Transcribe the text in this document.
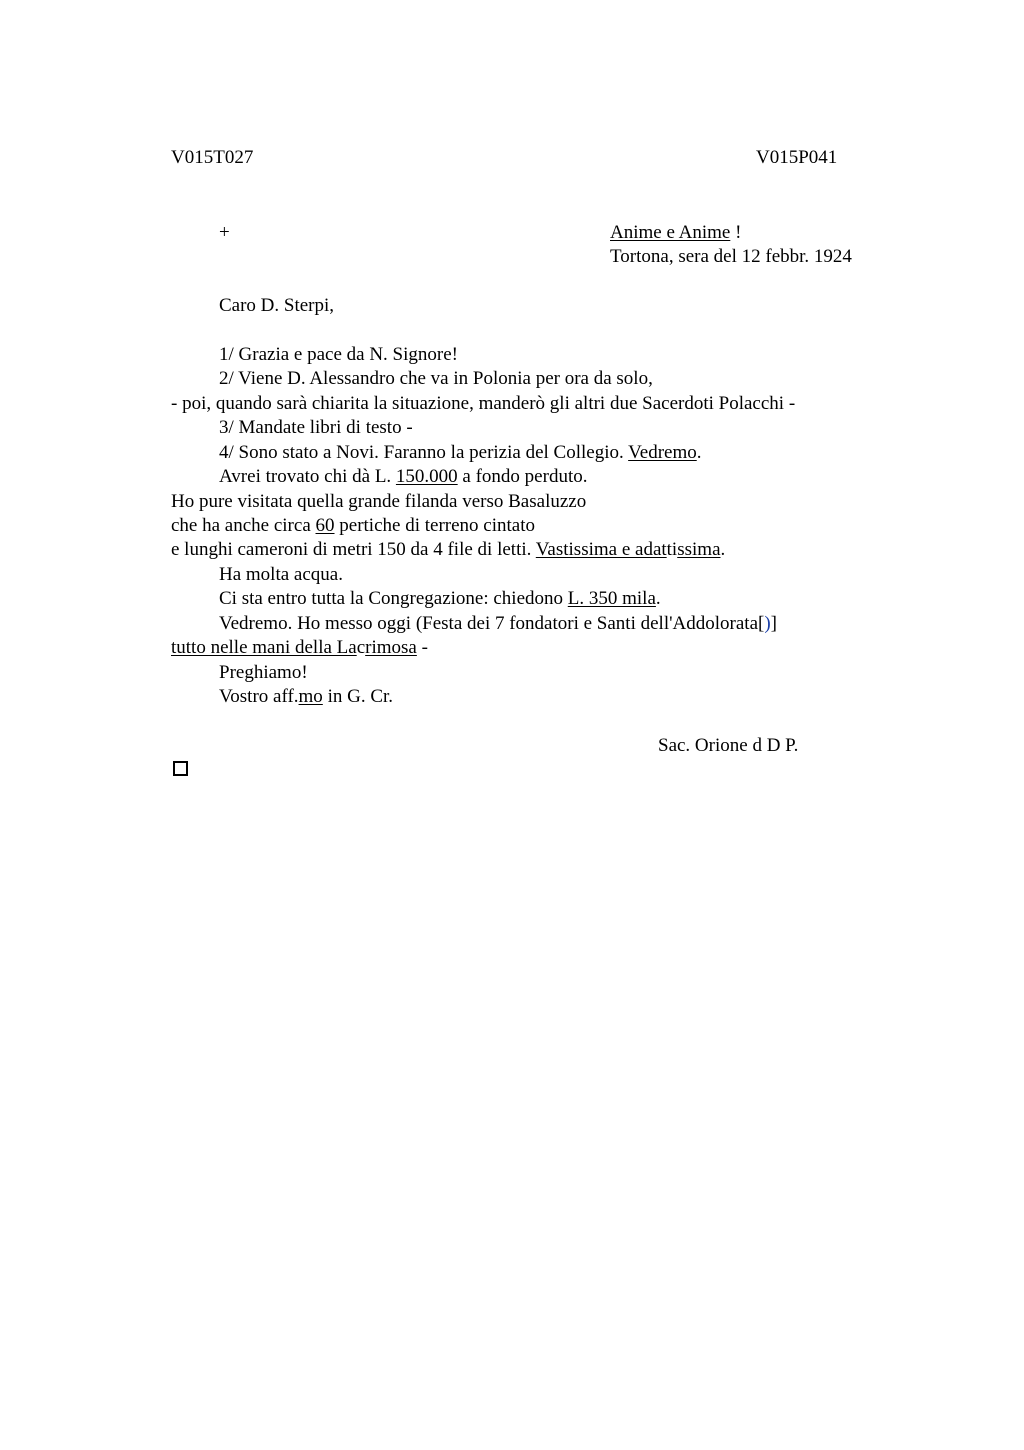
V015T027	V015P041
+	Anime e Anime !
Tortona, sera del 12 febbr. 1924
Caro D. Sterpi,
1/ Grazia e pace da N. Signore!
2/ Viene D. Alessandro che va in Polonia per ora da solo,
- poi, quando sarà chiarita la situazione, manderò gli altri due Sacerdoti Polacchi -
3/ Mandate libri di testo -
4/ Sono stato a Novi. Faranno la perizia del Collegio. Vedremo.
Avrei trovato chi dà L. 150.000 a fondo perduto.
Ho pure visitata quella grande filanda verso Basaluzzo
che ha anche circa 60 pertiche di terreno cintato
e lunghi cameroni di metri 150 da 4 file di letti. Vastissima e adattissima.
Ha molta acqua.
Ci sta entro tutta la Congregazione: chiedono L. 350 mila.
Vedremo. Ho messo oggi (Festa dei 7 fondatori e Santi dell'Addolorata[)]
tutto nelle mani della Lacrimosa -
Preghiamo!
Vostro aff.mo in G. Cr.
Sac. Orione d D P.
